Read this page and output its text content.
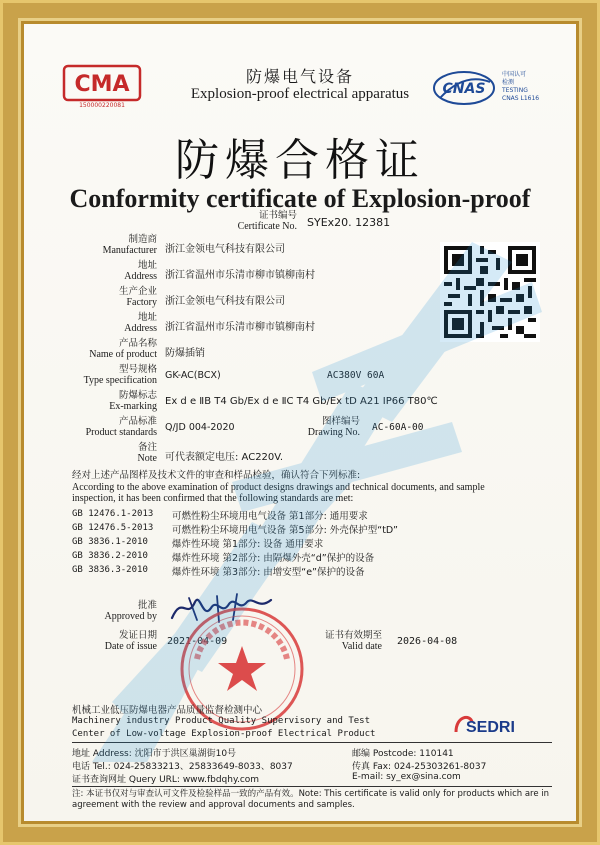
CMA
150000220081
CNAS
中国认可
检测
TESTING
CNAS L1616
防爆电气设备
Explosion-proof electrical apparatus
防爆合格证
Conformity certificate of Explosion-proof
证书编号
Certificate No. SYEx20. 12381
制造商
Manufacturer 浙江金领电气科技有限公司
地址
Address 浙江省温州市乐清市柳市镇柳南村
生产企业
Factory 浙江金领电气科技有限公司
地址
Address 浙江省温州市乐清市柳市镇柳南村
产品名称
Name of product 防爆插销
型号规格
Type specification GK-AC(BCX)	AC380V 60A
防爆标志
Ex-marking Ex d e ⅡB T4 Gb/Ex d e ⅡC T4 Gb/Ex tD A21 IP66 T80℃
产品标准
Product standards Q/JD 004-2020
图样编号
Drawing No. AC-60A-00
备注
Note 可代表额定电压: AC220V.
经对上述产品图样及技术文件的审查和样品检验，确认符合下列标准:
According to the above examination of product designs drawings and technical documents, and sample
inspection, it has been confirmed that the following standards are met:
GB 12476.1-2013 可燃性粉尘环境用电气设备 第1部分: 通用要求
GB 12476.5-2013 可燃性粉尘环境用电气设备 第5部分: 外壳保护型“tD”
GB 3836.1-2010	爆炸性环境 第1部分: 设备 通用要求
GB 3836.2-2010	爆炸性环境 第2部分: 由隔爆外壳“d”保护的设备
GB 3836.3-2010	爆炸性环境 第3部分: 由增安型“e”保护的设备
批准
Approved by
发证日期
Date of issue 2021-04-09
证书有效期至
Valid date 2026-04-08
机械工业低压防爆电器产品质量监督检测中心
Machinery industry Product Quality Supervisory and Test
Center of Low-voltage Explosion-proof Electrical Product	SEDRI
地址 Address: 沈阳市于洪区巢湖街10号	邮编 Postcode: 110141
电话 Tel.: 024-25833213、25833649-8033、8037	传真 Fax: 024-25303261-8037
证书查询网址 Query URL: www.fbdqhy.com	E-mail: sy_ex@sina.com
注: 本证书仅对与审查认可文件及检验样品一致的产品有效。Note: This certificate is valid only for products which are in
agreement with the review and approval documents and samples.
